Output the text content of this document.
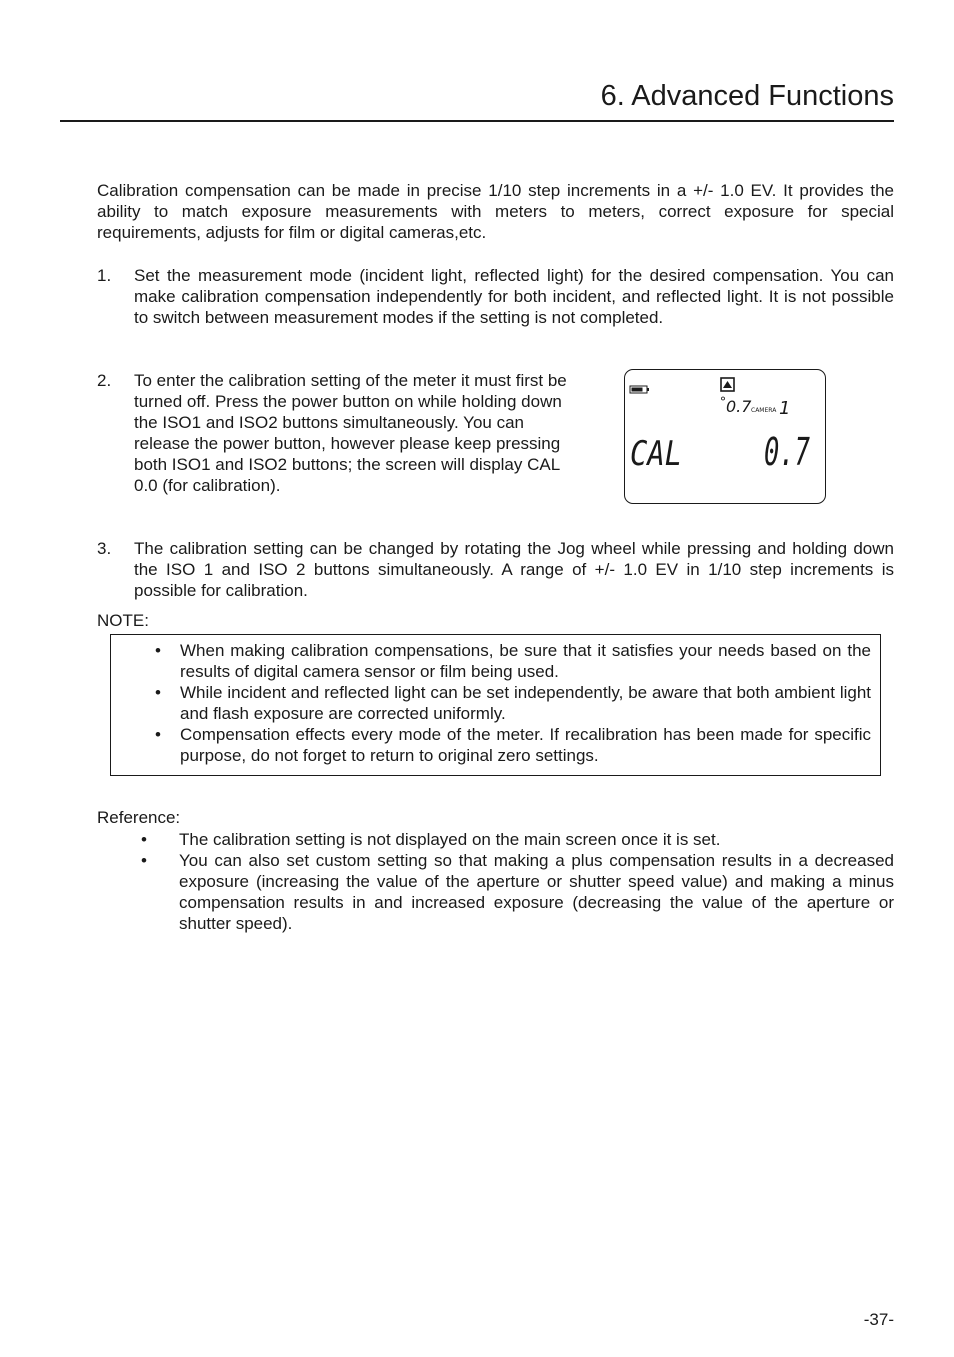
6. Advanced Functions
Calibration compensation can be made in precise 1/10 step increments in a +/- 1.0 EV. It provides the ability to match exposure measurements with meters to meters, correct exposure for special requirements, adjusts for film or digital cameras,etc.
1. Set the measurement mode (incident light, reflected light) for the desired compensation. You can make calibration compensation independently for both incident, and reflected light. It is not possible to switch between measurement modes if the setting is not completed.
2. To enter the calibration setting of the meter it must first be turned off. Press the power button on while holding down the ISO1 and ISO2 buttons simultaneously. You can release the power button, however please keep pressing both ISO1 and ISO2 buttons; the screen will display CAL 0.0 (for calibration).
0.7 CAMERA 1
CAL 0.7
3. The calibration setting can be changed by rotating the Jog wheel while pressing and holding down the ISO 1 and ISO 2 buttons simultaneously. A range of +/- 1.0 EV in 1/10 step increments is possible for calibration.
NOTE:
• When making calibration compensations, be sure that it satisfies your needs based on the results of digital camera sensor or film being used.
• While incident and reflected light can be set independently, be aware that both ambient light and flash exposure are corrected uniformly.
• Compensation effects every mode of the meter. If recalibration has been made for specific purpose, do not forget to return to original zero settings.
Reference:
• The calibration setting is not displayed on the main screen once it is set.
• You can also set custom setting so that making a plus compensation results in a decreased exposure (increasing the value of the aperture or shutter speed value) and making a minus compensation results in and increased exposure (decreasing the value of the aperture or shutter speed).
-37-
